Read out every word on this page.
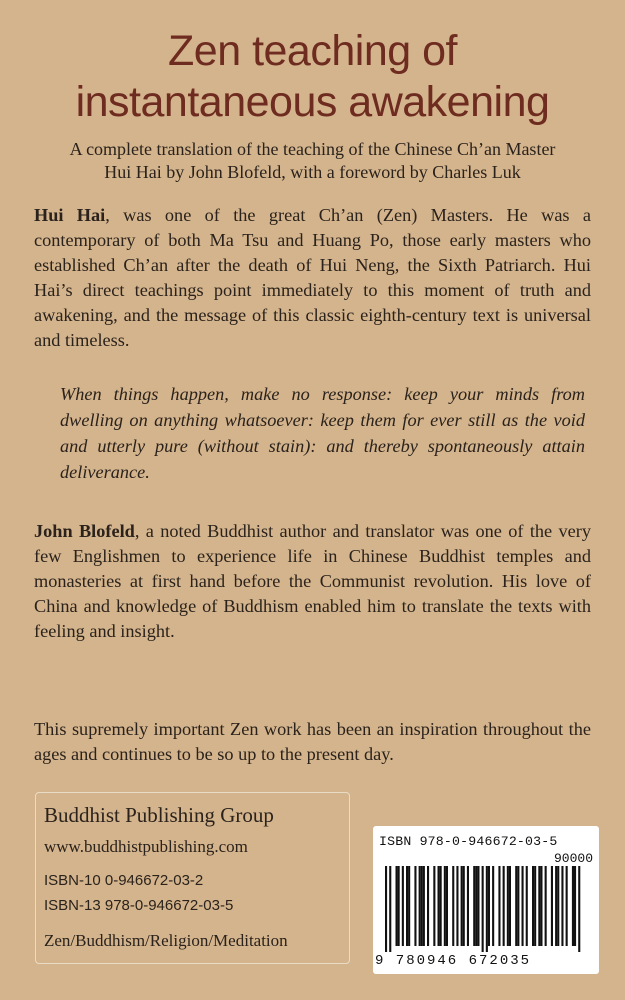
Zen teaching of
instantaneous awakening
A complete translation of the teaching of the Chinese Ch’an Master
Hui Hai by John Blofeld, with a foreword by Charles Luk
Hui Hai, was one of the great Ch’an (Zen) Masters. He was a contemporary of both Ma Tsu and Huang Po, those early masters who established Ch’an after the death of Hui Neng, the Sixth Patriarch. Hui Hai’s direct teachings point immediately to this moment of truth and awakening, and the message of this classic eighth-century text is universal and timeless.
When things happen, make no response: keep your minds from dwelling on anything whatsoever: keep them for ever still as the void and utterly pure (without stain): and thereby spontaneously attain deliverance.
John Blofeld, a noted Buddhist author and translator was one of the very few Englishmen to experience life in Chinese Buddhist temples and monasteries at first hand before the Communist revolution. His love of China and knowledge of Buddhism enabled him to translate the texts with feeling and insight.
This supremely important Zen work has been an inspiration throughout the ages and continues to be so up to the present day.
Buddhist Publishing Group
www.buddhistpublishing.com
ISBN-10 0-946672-03-2
ISBN-13 978-0-946672-03-5
Zen/Buddhism/Religion/Meditation
ISBN 978-0-946672-03-5
90000
9 780946 672035
